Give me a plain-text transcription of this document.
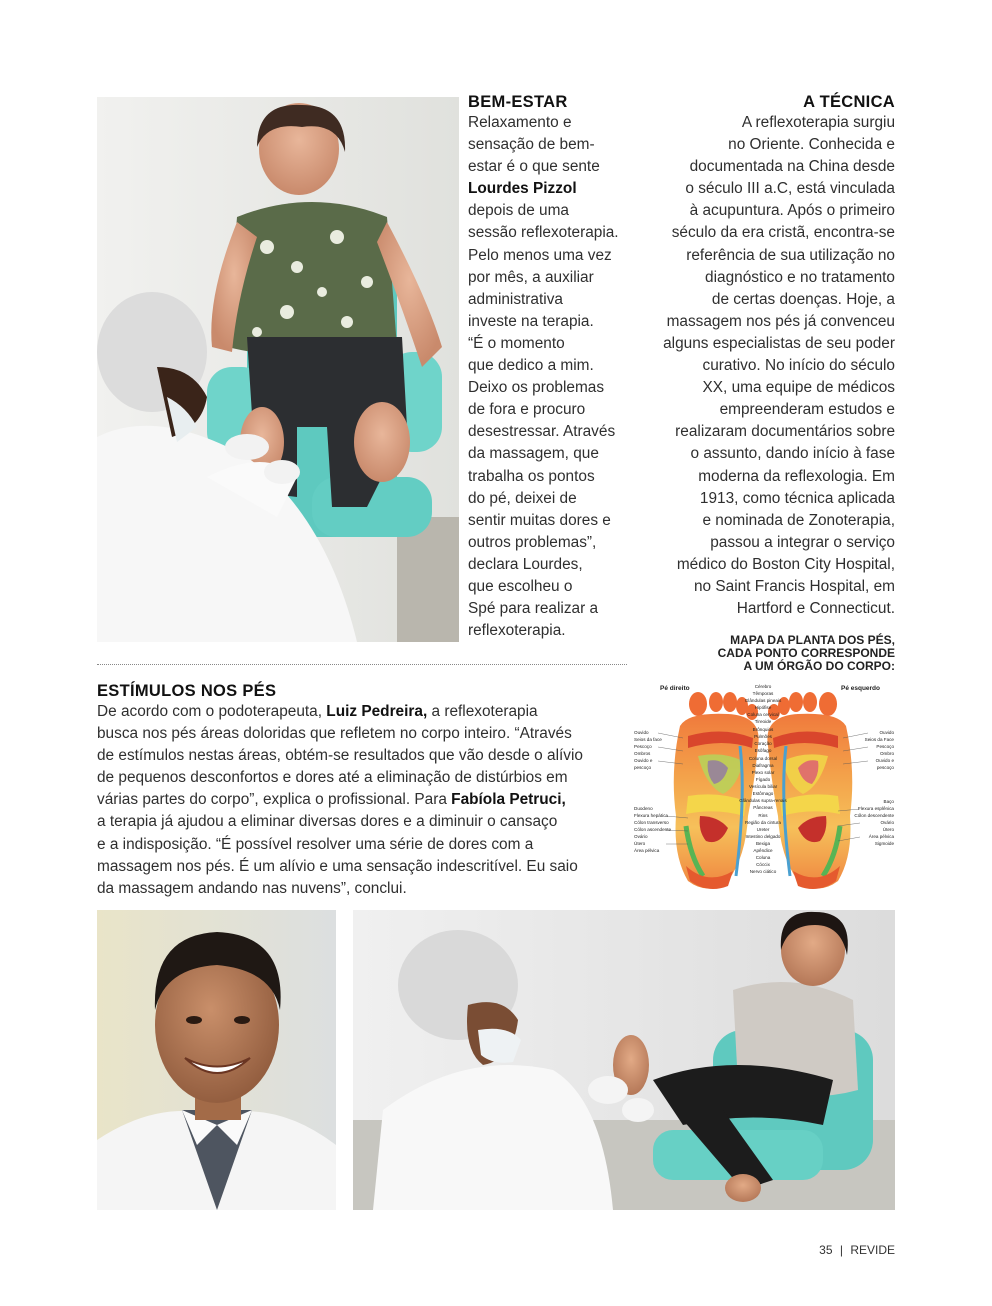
BEM-ESTAR
Relaxamento e
sensação de bem-
estar é o que sente
Lourdes Pizzol
depois de uma
sessão reflexoterapia.
Pelo menos uma vez
por mês, a auxiliar
administrativa
investe na terapia.
“É o momento
que dedico a mim.
Deixo os problemas
de fora e procuro
desestressar. Através
da massagem, que
trabalha os pontos
do pé, deixei de
sentir muitas dores e
outros problemas”,
declara Lourdes,
que escolheu o
Spé para realizar a
reflexoterapia.
A TÉCNICA
A reflexoterapia surgiu
no Oriente. Conhecida e
documentada na China desde
o século III a.C, está vinculada
à acupuntura. Após o primeiro
século da era cristã, encontra-se
referência de sua utilização no
diagnóstico e no tratamento
de certas doenças. Hoje, a
massagem nos pés já convenceu
alguns especialistas de seu poder
curativo. No início do século
XX, uma equipe de médicos
empreenderam estudos e
realizaram documentários sobre
o assunto, dando início à fase
moderna da reflexologia. Em
1913, como técnica aplicada
e nominada de Zonoterapia,
passou a integrar o serviço
médico do Boston City Hospital,
no Saint Francis Hospital, em
Hartford e Connecticut.
MAPA DA PLANTA DOS PÉS,
CADA PONTO CORRESPONDE
A UM ÓRGÃO DO CORPO:
ESTÍMULOS NOS PÉS
De acordo com o podoterapeuta, Luiz Pedreira, a reflexoterapia
busca nos pés áreas doloridas que refletem no corpo inteiro. “Através
de estímulos nestas áreas, obtém-se resultados que vão desde o alívio
de pequenos desconfortos e dores até a eliminação de distúrbios em
várias partes do corpo”, explica o profissional. Para Fabíola Petruci,
a terapia já ajudou a eliminar diversas dores e a diminuir o cansaço
e a indisposição. “É possível resolver uma série de dores com a
massagem nos pés. É um alívio e uma sensação indescritível. Eu saio
da massagem andando nas nuvens”, conclui.
Pé direito	Pé esquerdo
Cérebro
Têmporas
Glândulas pineais
Hipófise
Coluna cervical
Tireoide
Brônquios
Pulmões
Coração
Esôfago
Coluna dorsal
Diafragma
Plexo solar
Fígado
Vesícula biliar
Estômago
Glândulas supra-renais
Pâncreas
Rins
Região da cintura
Ureter
Intestino delgado
Bexiga
Apêndice
Coluna
Cóccix
Nervo ciático
Ouvido
Seios da face
Pescoço
Ombros
Ouvido e
pescoço
Duodeno
Flexura hepática
Cólon transverso
Cólon ascendente
Ovário
Útero
Área pélvica
Ouvido
Seios da Face
Pescoço
Ombro
Ouvido e
pescoço
Baço
Flexura esplênica
Cólon descendente
Ovário
Útero
Área pélvica
Sigmoide
35 | REVIDE
